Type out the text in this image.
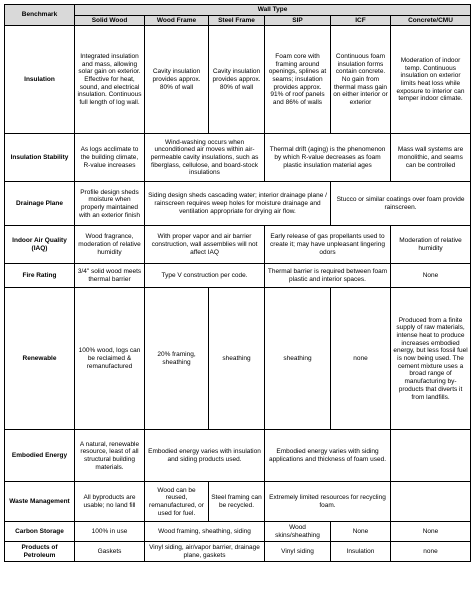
Benchmark	Wall Type					
	Solid Wood	Wood Frame	Steel Frame	SIP	ICF	Concrete/CMU
Insulation	Integrated insulation and mass, allowing solar gain on exterior. Effective for heat, sound, and electrical insulation. Continuous full length of log wall.	Cavity insulation provides approx. 80% of wall	Cavity insulation provides approx. 80% of wall	Foam core with framing around openings, splines at seams; insulation provides approx. 91% of roof panels and 86% of walls	Continuous foam insulation forms contain concrete. No gain from thermal mass gain on either interior or exterior	Moderation of indoor temp. Continuous insulation on exterior limits heat loss while exposure to interior can temper indoor climate.
Insulation Stability	As logs acclimate to the building climate, R-value increases	Wind-washing occurs when unconditioned air moves within air-permeable cavity insulations, such as fiberglass, cellulose, and board-stock insulations		Thermal drift (aging) is the phenomenon by which R-value decreases as foam plastic insulation material ages		Mass wall systems are monolithic, and seams can be controlled
Drainage Plane	Profile design sheds moisture when properly maintained with an exterior finish	Siding design sheds cascading water; interior drainage plane / rainscreen requires weep holes for moisture drainage and ventilation appropriate for drying air flow.			Stucco or similar coatings over foam provide rainscreen.	
Indoor Air Quality (IAQ)	Wood fragrance, moderation of relative humidity	With proper vapor and air barrier construction, wall assemblies will not affect IAQ		Early release of gas propellants used to create it; may have unpleasant lingering odors		Moderation of relative humidity
Fire Rating	3/4" solid wood meets thermal barrier	Type V construction per code.		Thermal barrier is required between foam plastic and interior spaces.		None
Renewable	100% wood, logs can be reclaimed & remanufactured	20% framing, sheathing	sheathing	sheathing	none	Produced from a finite supply of raw materials, intense heat to produce increases embodied energy, but less fossil fuel is now being used. The cement mixture uses a broad range of manufacturing by-products that diverts it from landfills.
Embodied Energy	A natural, renewable resource, least of all structural building materials.	Embodied energy varies with insulation and siding products used.		Embodied energy varies with siding applications and thickness of foam used.		
Waste Management	All byproducts are usable; no land fill	Wood can be reused, remanufactured, or used for fuel.	Steel framing can be recycled.	Extremely limited resources for recycling foam.		
Carbon Storage	100% in use	Wood framing, sheathing, siding		Wood skins/sheathing	None	None
Products of Petroleum	Gaskets	Vinyl siding, air/vapor barrier, drainage plane, gaskets		Vinyl siding	Insulation	none
